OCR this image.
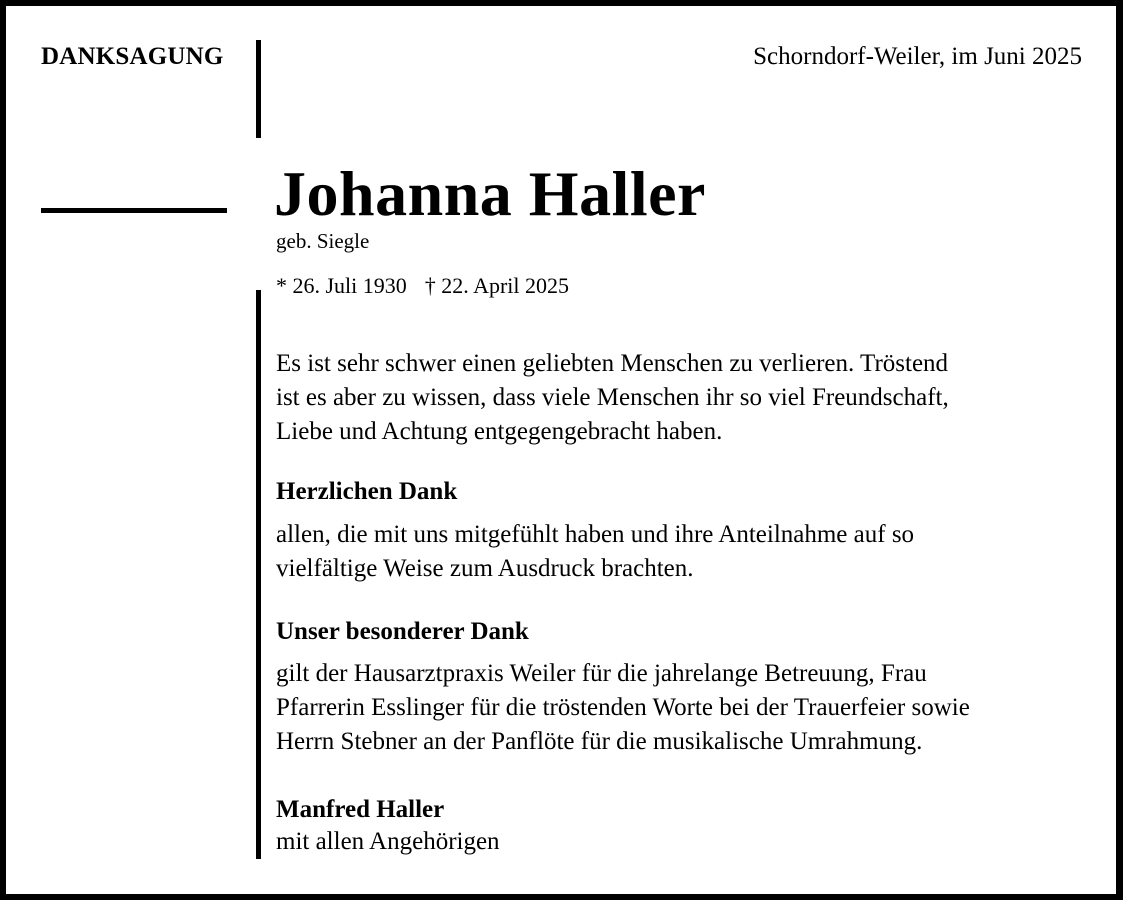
DANKSAGUNG	Schorndorf-Weiler, im Juni 2025
Johanna Haller
geb. Siegle
* 26. Juli 1930 † 22. April 2025
Es ist sehr schwer einen geliebten Menschen zu verlieren. Tröstend
ist es aber zu wissen, dass viele Menschen ihr so viel Freundschaft,
Liebe und Achtung entgegengebracht haben.
Herzlichen Dank
allen, die mit uns mitgefühlt haben und ihre Anteilnahme auf so
vielfältige Weise zum Ausdruck brachten.
Unser besonderer Dank
gilt der Hausarztpraxis Weiler für die jahrelange Betreuung, Frau
Pfarrerin Esslinger für die tröstenden Worte bei der Trauerfeier sowie
Herrn Stebner an der Panflöte für die musikalische Umrahmung.
Manfred Haller
mit allen Angehörigen
